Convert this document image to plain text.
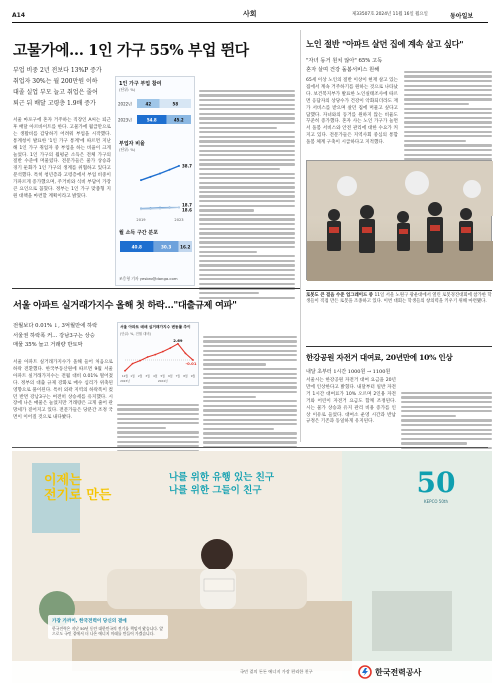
A14	사회	제33507호 2024년 11월 16일 월요일	동아일보
고물가에… 1인 가구 55% 부업 뛴다
부업 비중 2년 전보다 13%P 증가
취업자 30%는 월 200만원 이하
대졸 실업 부모 늘고 취업은 줄어
퇴근 뒤 배달 고령층 1.9배 증가
서울 마포구에 혼자 거주하는 직장인 A씨는 퇴근 후 배달 아르바이트를 한다. 고물가에 월급만으로는 생활비를 감당하기 어려워 부업을 시작했다. 통계청이 발표한 '1인 가구 통계'에 따르면 지난해 1인 가구 취업자 중 부업을 하는 비율이 크게 늘었다. 1인 가구의 월평균 소득은 전체 가구의 절반 수준에 머물렀다. 전문가들은 물가 상승과 경기 둔화가 1인 가구의 생계를 위협하고 있다고 분석했다. 특히 청년층과 고령층에서 부업 비중이 가파르게 증가했으며, 주거비와 식비 부담이 가장 큰 요인으로 꼽혔다. 정부는 1인 가구 맞춤형 지원 대책을 마련할 계획이라고 밝혔다.
1인 가구 부업 참여
(단위: %)
2022년	42	58
2023년	54.8	45.2
부업자 비율
(단위: %)
38.7
18.7
18.6
2019	2023
월 소득 구간 분포
40.8	30.3 16.2
조응형 기자 yesbro@donga.com

노인 절반 "아파트 살던 집에 계속 살고 싶다"
"자녀 동거 원치 않아" 65% 고독
혼자 살며 건강 돌봄서비스 원해
65세 이상 노인의 절반 이상이 현재 살고 있는 집에서 계속 거주하기를 원하는 것으로 나타났다. 보건복지부가 발표한 노인실태조사에 따르면 응답자의 상당수가 건강이 악화되더라도 재가 서비스를 받으며 살던 집에 머물고 싶다고 답했다. 자녀와의 동거를 원하지 않는 비율도 꾸준히 증가했다. 혼자 사는 노인 가구가 늘면서 돌봄 서비스와 안전 관리에 대한 수요가 커지고 있다. 전문가들은 지역사회 중심의 통합 돌봄 체계 구축이 시급하다고 지적했다.

로봇도 큰 걸음 수준 업그레이드 중 11일 서울 노원구 광운대에서 열린 로봇경진대회에 참가한 학생들이 직접 만든 로봇을 조종하고 있다. 이번 대회는 학생들의 창의력을 키우기 위해 마련됐다.
서울 아파트 실거래가지수 올해 첫 하락…"대출규제 여파"
전월보다 0.01% ↓, 3억월만에 하락
서울권 하락폭 커… 강남3구는 상승
매물 35% 늘고 거래량 반토막
서울 아파트 실거래가지수가 올해 들어 처음으로 하락 전환했다. 한국부동산원에 따르면 9월 서울 아파트 실거래가지수는 전월 대비 0.01% 떨어졌다. 정부의 대출 규제 강화로 매수 심리가 위축된 영향으로 풀이된다. 특히 외곽 지역의 하락폭이 컸던 반면 강남3구는 여전히 상승세를 유지했다. 시장에 나온 매물은 늘었지만 거래량은 크게 줄어 관망세가 짙어지고 있다. 전문가들은 당분간 조정 국면이 이어질 것으로 내다봤다.
서울 아파트 매매 실거래가지수 변동률 추이
(단위: %, 전월 대비)
2.69
-0.01
12월 1월 2월 3월 4월 5월 6월 7월 8월 9월
2023년	2024년

한강공원 자전거 대여료, 20년만에 10% 인상
내달 초부터 1시간 1000원 → 1100원
서울시는 한강공원 자전거 대여 요금을 20년 만에 인상한다고 밝혔다. 내달부터 일반 자전거 1시간 대여료가 10% 오르며 2인용 자전거와 어린이 자전거 요금도 함께 조정된다. 시는 물가 상승과 유지 관리 비용 증가를 인상 이유로 들었다. 대여소 운영 시간과 반납 규정은 기존과 동일하게 유지된다.

이제는
전기로 만든
나를 위한 유행 있는 친구
나를 위한 그들이 친구
가장 가까이, 한국전력이 당신의 곁에
한국전력은 지난 50년 동안 대한민국의 전기를 책임져 왔습니다. 앞으로도 국민 곁에서 더 나은 에너지 미래를 만들어 가겠습니다.
50
KEPCO 50th
국민 곁의 든든 에너지 가장 편리한 친구	한국전력공사
